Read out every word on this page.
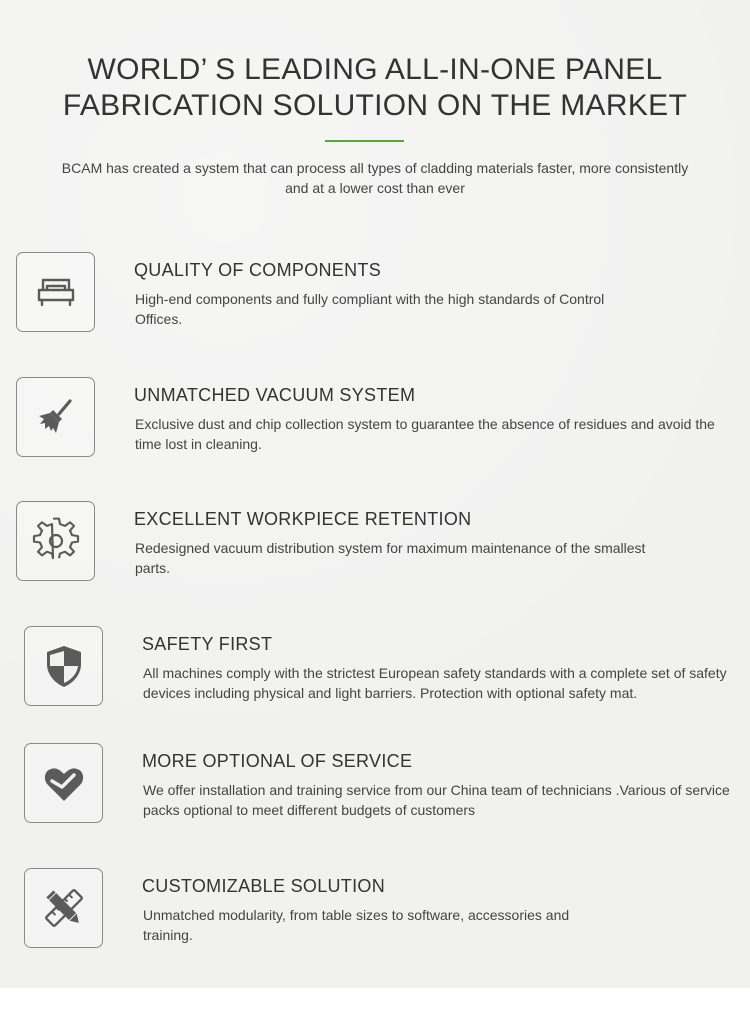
WORLD’ S LEADING ALL-IN-ONE PANEL
FABRICATION SOLUTION ON THE MARKET

BCAM has created a system that can process all types of cladding materials faster, more consistently and at a lower cost than ever

QUALITY OF COMPONENTS

High-end components and fully compliant with the high standards of Control Offices.

UNMATCHED VACUUM SYSTEM

Exclusive dust and chip collection system to guarantee the absence of residues and avoid the time lost in cleaning.

EXCELLENT WORKPIECE RETENTION

Redesigned vacuum distribution system for maximum maintenance of the smallest parts.

SAFETY FIRST

All machines comply with the strictest European safety standards with a complete set of safety devices including physical and light barriers. Protection with optional safety mat.

MORE OPTIONAL OF SERVICE

We offer installation and training service from our China team of technicians .Various of service packs optional to meet different budgets of customers

CUSTOMIZABLE SOLUTION

Unmatched modularity, from table sizes to software, accessories and training.
